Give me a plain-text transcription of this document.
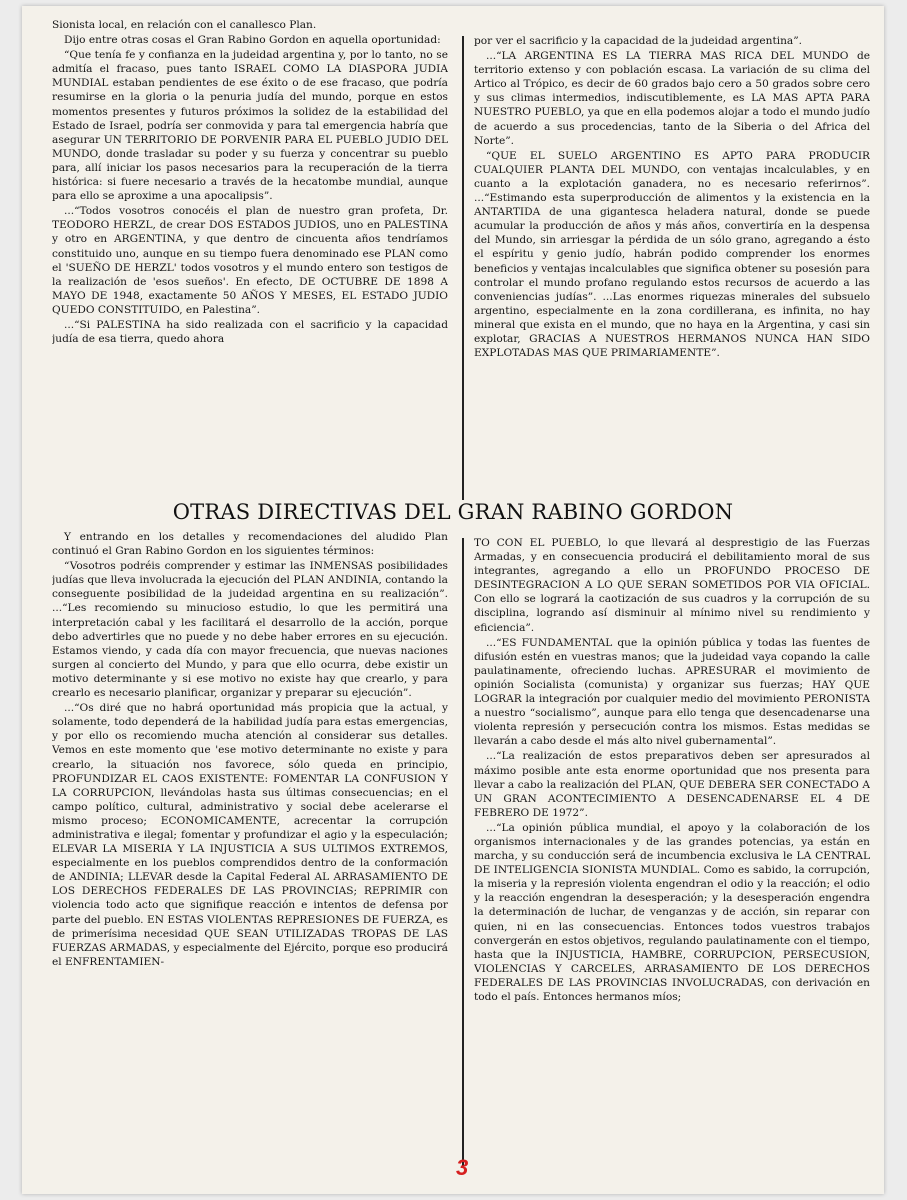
Sionista local, en relación con el canallesco Plan.

Dijo entre otras cosas el Gran Rabino Gordon en aquella oportunidad:

“Que tenía fe y confianza en la judeidad argentina y, por lo tanto, no se admitía el fracaso, pues tanto ISRAEL COMO LA DIASPORA JUDIA MUNDIAL estaban pendientes de ese éxito o de ese fracaso, que podría resumirse en la gloria o la penuria judía del mundo, porque en estos momentos presentes y futuros próximos la solidez de la estabilidad del Estado de Israel, podría ser conmovida y para tal emergencia habría que asegurar UN TERRITORIO DE PORVENIR PARA EL PUEBLO JUDIO DEL MUNDO, donde trasladar su poder y su fuerza y concentrar su pueblo para, allí iniciar los pasos necesarios para la recuperación de la tierra histórica: si fuere necesario a través de la hecatombe mundial, aunque para ello se aproxime a una apocalipsis”.

...“Todos vosotros conocéis el plan de nuestro gran profeta, Dr. TEODORO HERZL, de crear DOS ESTADOS JUDIOS, uno en PALESTINA y otro en ARGENTINA, y que dentro de cincuenta años tendríamos constituido uno, aunque en su tiempo fuera denominado ese PLAN como el 'SUEÑO DE HERZL' todos vosotros y el mundo entero son testigos de la realización de 'esos sueños'. En efecto, DE OCTUBRE DE 1898 A MAYO DE 1948, exactamente 50 AÑOS Y MESES, EL ESTADO JUDIO QUEDO CONSTITUIDO, en Palestina”.

...“Si PALESTINA ha sido realizada con el sacrificio y la capacidad judía de esa tierra, quedo ahora

por ver el sacrificio y la capacidad de la judeidad argentina”.

...“LA ARGENTINA ES LA TIERRA MAS RICA DEL MUNDO de territorio extenso y con población escasa. La variación de su clima del Artico al Trópico, es decir de 60 grados bajo cero a 50 grados sobre cero y sus climas intermedios, indiscutiblemente, es LA MAS APTA PARA NUESTRO PUEBLO, ya que en ella podemos alojar a todo el mundo judío de acuerdo a sus procedencias, tanto de la Siberia o del Africa del Norte”.

“QUE EL SUELO ARGENTINO ES APTO PARA PRODUCIR CUALQUIER PLANTA DEL MUNDO, con ventajas incalculables, y en cuanto a la explotación ganadera, no es necesario referirnos”. ...“Estimando esta superproducción de alimentos y la existencia en la ANTARTIDA de una gigantesca heladera natural, donde se puede acumular la producción de años y más años, convertiría en la despensa del Mundo, sin arriesgar la pérdida de un sólo grano, agregando a ésto el espíritu y genio judío, habrán podido comprender los enormes beneficios y ventajas incalculables que significa obtener su posesión para controlar el mundo profano regulando estos recursos de acuerdo a las conveniencias judías”. ...Las enormes riquezas minerales del subsuelo argentino, especialmente en la zona cordillerana, es infinita, no hay mineral que exista en el mundo, que no haya en la Argentina, y casi sin explotar, GRACIAS A NUESTROS HERMANOS NUNCA HAN SIDO EXPLOTADAS MAS QUE PRIMARIAMENTE”.

OTRAS DIRECTIVAS DEL GRAN RABINO GORDON

Y entrando en los detalles y recomendaciones del aludido Plan continuó el Gran Rabino Gordon en los siguientes términos:

“Vosotros podréis comprender y estimar las INMENSAS posibilidades judías que lleva involucrada la ejecución del PLAN ANDINIA, contando la conseguente posibilidad de la judeidad argentina en su realización”. ...“Les recomiendo su minucioso estudio, lo que les permitirá una interpretación cabal y les facilitará el desarrollo de la acción, porque debo advertirles que no puede y no debe haber errores en su ejecución. Estamos viendo, y cada día con mayor frecuencia, que nuevas naciones surgen al concierto del Mundo, y para que ello ocurra, debe existir un motivo determinante y si ese motivo no existe hay que crearlo, y para crearlo es necesario planificar, organizar y preparar su ejecución”.

...“Os diré que no habrá oportunidad más propicia que la actual, y solamente, todo dependerá de la habilidad judía para estas emergencias, y por ello os recomiendo mucha atención al considerar sus detalles. Vemos en este momento que 'ese motivo determinante no existe y para crearlo, la situación nos favorece, sólo queda en principio, PROFUNDIZAR EL CAOS EXISTENTE: FOMENTAR LA CONFUSION Y LA CORRUPCION, llevándolas hasta sus últimas consecuencias; en el campo político, cultural, administrativo y social debe acelerarse el mismo proceso; ECONOMICAMENTE, acrecentar la corrupción administrativa e ilegal; fomentar y profundizar el agio y la especulación; ELEVAR LA MISERIA Y LA INJUSTICIA A SUS ULTIMOS EXTREMOS, especialmente en los pueblos comprendidos dentro de la conformación de ANDINIA; LLEVAR desde la Capital Federal AL ARRASAMIENTO DE LOS DERECHOS FEDERALES DE LAS PROVINCIAS; REPRIMIR con violencia todo acto que signifique reacción e intentos de defensa por parte del pueblo. EN ESTAS VIOLENTAS REPRESIONES DE FUERZA, es de primerísima necesidad QUE SEAN UTILIZADAS TROPAS DE LAS FUERZAS ARMADAS, y especialmente del Ejército, porque eso producirá el ENFRENTAMIEN-

TO CON EL PUEBLO, lo que llevará al desprestigio de las Fuerzas Armadas, y en consecuencia producirá el debilitamiento moral de sus integrantes, agregando a ello un PROFUNDO PROCESO DE DESINTEGRACION A LO QUE SERAN SOMETIDOS POR VIA OFICIAL. Con ello se logrará la caotización de sus cuadros y la corrupción de su disciplina, logrando así disminuir al mínimo nivel su rendimiento y eficiencia”.

...“ES FUNDAMENTAL que la opinión pública y todas las fuentes de difusión estén en vuestras manos; que la judeidad vaya copando la calle paulatinamente, ofreciendo luchas. APRESURAR el movimiento de opinión Socialista (comunista) y organizar sus fuerzas; HAY QUE LOGRAR la integración por cualquier medio del movimiento PERONISTA a nuestro “socialismo”, aunque para ello tenga que desencadenarse una violenta represión y persecución contra los mismos. Estas medidas se llevarán a cabo desde el más alto nivel gubernamental”.

...“La realización de estos preparativos deben ser apresurados al máximo posible ante esta enorme oportunidad que nos presenta para llevar a cabo la realización del PLAN, QUE DEBERA SER CONECTADO A UN GRAN ACONTECIMIENTO A DESENCADENARSE EL 4 DE FEBRERO DE 1972”.

...“La opinión pública mundial, el apoyo y la colaboración de los organismos internacionales y de las grandes potencias, ya están en marcha, y su conducción será de incumbencia exclusiva le LA CENTRAL DE INTELIGENCIA SIONISTA MUNDIAL. Como es sabido, la corrupción, la miseria y la represión violenta engendran el odio y la reacción; el odio y la reacción engendran la desesperación; y la desesperación engendra la determinación de luchar, de venganzas y de acción, sin reparar con quien, ni en las consecuencias. Entonces todos vuestros trabajos convergerán en estos objetivos, regulando paulatinamente con el tiempo, hasta que la INJUSTICIA, HAMBRE, CORRUPCION, PERSECUSION, VIOLENCIAS Y CARCELES, ARRASAMIENTO DE LOS DERECHOS FEDERALES DE LAS PROVINCIAS INVOLUCRADAS, con derivación en todo el país. Entonces hermanos míos;

3
